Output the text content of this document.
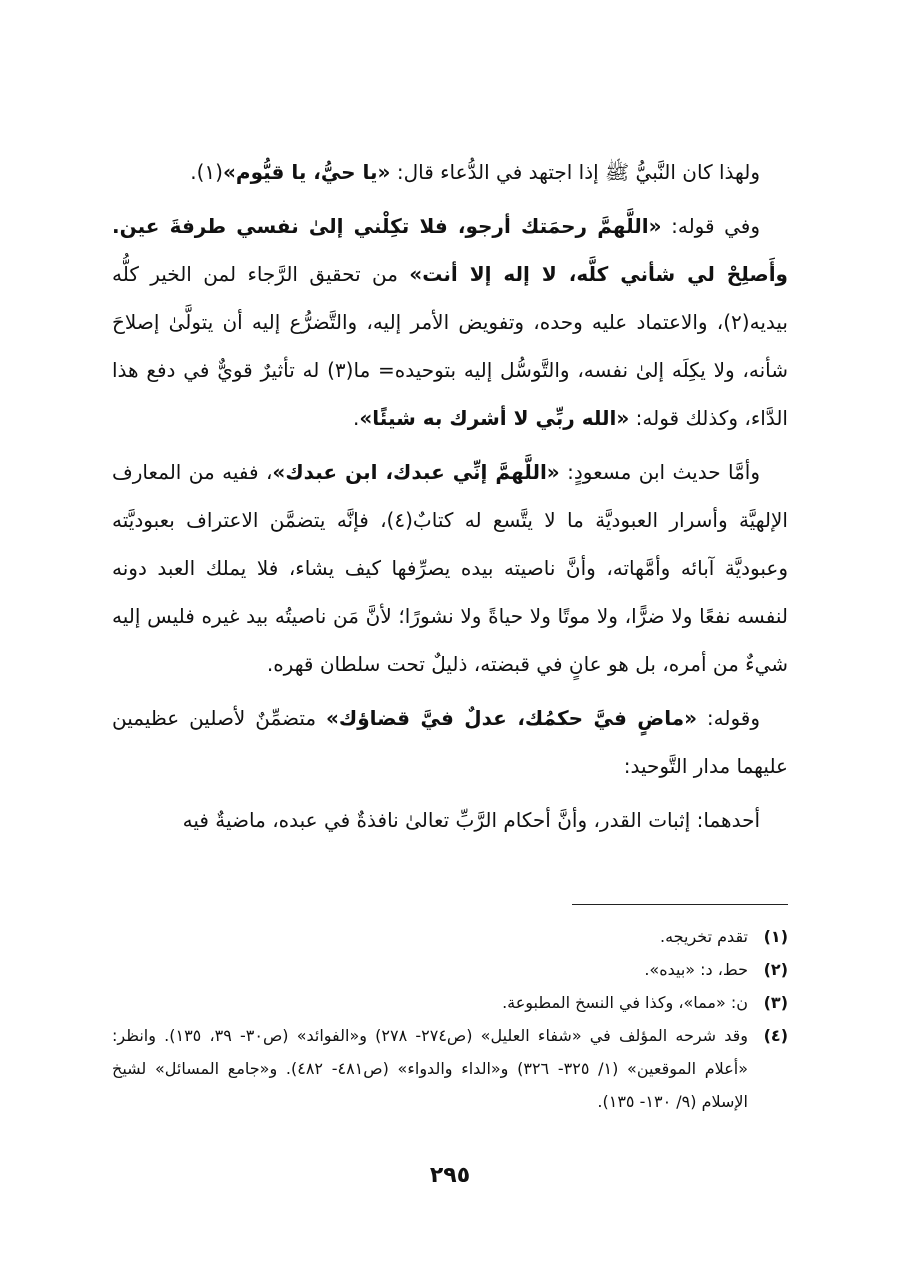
ولهذا كان النَّبيُّ ﷺ إذا اجتهد في الدُّعاء قال: «يا حيُّ، يا قيُّوم»(١).

وفي قوله: «اللَّهمَّ رحمَتك أرجو، فلا تكِلْني إلىٰ نفسي طرفةَ عين. وأَصلِحْ لي شأني كلَّه، لا إله إلا أنت» من تحقيق الرَّجاء لمن الخير كلُّه بيديه(٢)، والاعتماد عليه وحده، وتفويض الأمر إليه، والتَّضرُّع إليه أن يتولَّىٰ إصلاحَ شأنه، ولا يكِلَه إلىٰ نفسه، والتَّوسُّل إليه بتوحيده= ما(٣) له تأثيرٌ قويٌّ في دفع هذا الدَّاء، وكذلك قوله: «الله ربِّي لا أشرك به شيئًا».

وأمَّا حديث ابن مسعودٍ: «اللَّهمَّ إنِّي عبدك، ابن عبدك»، ففيه من المعارف الإلهيَّة وأسرار العبوديَّة ما لا يتَّسع له كتابٌ(٤)، فإنَّه يتضمَّن الاعتراف بعبوديَّته وعبوديَّة آبائه وأمَّهاته، وأنَّ ناصيته بيده يصرِّفها كيف يشاء، فلا يملك العبد دونه لنفسه نفعًا ولا ضرًّا، ولا موتًا ولا حياةً ولا نشورًا؛ لأنَّ مَن ناصيتُه بيد غيره فليس إليه شيءٌ من أمره، بل هو عانٍ في قبضته، ذليلٌ تحت سلطان قهره.

وقوله: «ماضٍ فيَّ حكمُك، عدلٌ فيَّ قضاؤك» متضمِّنٌ لأصلين عظيمين عليهما مدار التَّوحيد:

أحدهما: إثبات القدر، وأنَّ أحكام الرَّبِّ تعالىٰ نافذةٌ في عبده، ماضيةٌ فيه

(١)
تقدم تخريجه.
(٢)
حط، د: «بيده».
(٣)
ن: «مما»، وكذا في النسخ المطبوعة.
(٤)
وقد شرحه المؤلف في «شفاء العليل» (ص٢٧٤- ٢٧٨) و«الفوائد» (ص٣٠- ٣٩، ١٣٥). وانظر: «أعلام الموقعين» (١/ ٣٢٥- ٣٢٦) و«الداء والدواء» (ص٤٨١- ٤٨٢). و«جامع المسائل» لشيخ الإسلام (٩/ ١٣٠- ١٣٥).
٢٩٥
